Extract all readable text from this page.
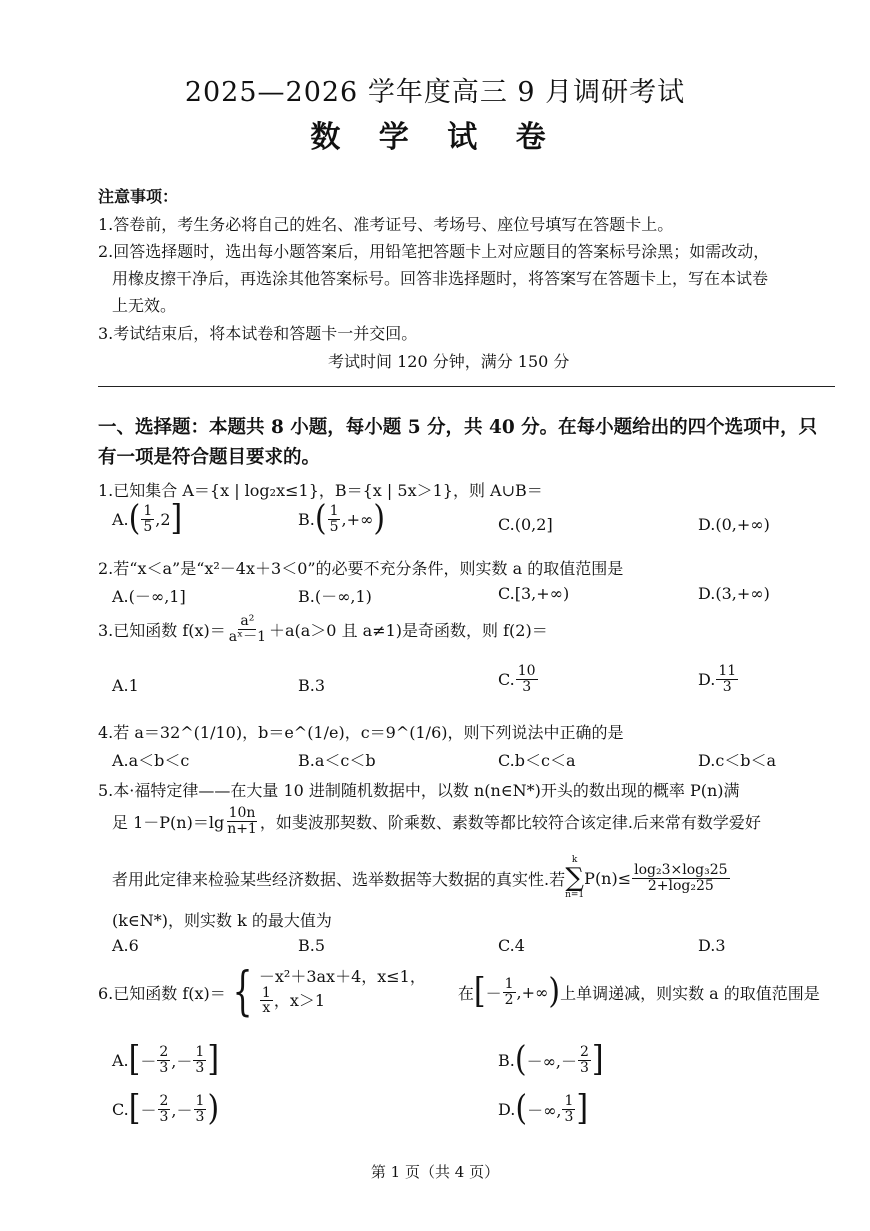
2025—2026 学年度高三 9 月调研考试
数 学 试 卷
注意事项：
1.答卷前，考生务必将自己的姓名、准考证号、考场号、座位号填写在答题卡上。
2.回答选择题时，选出每小题答案后，用铅笔把答题卡上对应题目的答案标号涂黑；如需改动，
用橡皮擦干净后，再选涂其他答案标号。回答非选择题时，将答案写在答题卡上，写在本试卷
上无效。
3.考试结束后，将本试卷和答题卡一并交回。
考试时间 120 分钟，满分 150 分
一、选择题：本题共 8 小题，每小题 5 分，共 40 分。在每小题给出的四个选项中，只
有一项是符合题目要求的。
1.已知集合 A＝{x | log₂x≤1}，B＝{x | 5x＞1}，则 A∪B＝
A. ( $\frac{1}{5} ,2$ ]	B. ( $\frac{1}{5}$ ,+∞ )	C.(0,2]	D.(0,+∞)
2.若“x＜a”是“x²－4x＋3＜0”的必要不充分条件，则实数 a 的取值范围是
A.(－∞,1]	B.(－∞,1)	C.[3,+∞)	D.(3,+∞)
3.已知函数 $f(x)= \frac{\text{a²}}{\text{aˣ－1}} +a(a>0$ 且 a≠1)是奇函数，则 f(2)＝
A.1	B.3	C. $\frac{10}{3}$	D. $\frac{11}{3}$
4.若 a＝32^(1/10)，b＝e^(1/e)，c＝9^(1/6)，则下列说法中正确的是
A.a＜b＜c	B.a＜c＜b	C.b＜c＜a	D.c＜b＜a
5.本·福特定律——在大量 10 进制随机数据中，以数 n(n∈N*)开头的数出现的概率 P(n)满
足 $1-P(n)=\lg \frac{10n}{n+1}$ ，如斐波那契数、阶乘数、素数等都比较符合该定律.后来常有数学爱好
者用此定律来检验某些经济数据、选举数据等大数据的真实性.若
k
∑
n=1
$P(n)\le \frac{\text{log₂3×log₃25}}{\text{2+log₂25}}$
(k∈N*)，则实数 k 的最大值为
A.6	B.5	C.4	D.3
6.已知函数 f(x)＝ { －x²＋3ax＋4，x≤1，
$\frac{1}{x}$ ，x＞1	在 [ － $\frac{1}{2}$ ,+∞ ) 上单调递减，则实数 a 的取值范围是
A. [ － $\frac{2}{3}$ ,－ $\frac{1}{3}$ ]	B. ( －∞,－ $\frac{2}{3}$ ]
C. [ － $\frac{2}{3}$ ,－ $\frac{1}{3}$ )	D. ( －∞, $\frac{1}{3}$ ]
第 1 页（共 4 页）
